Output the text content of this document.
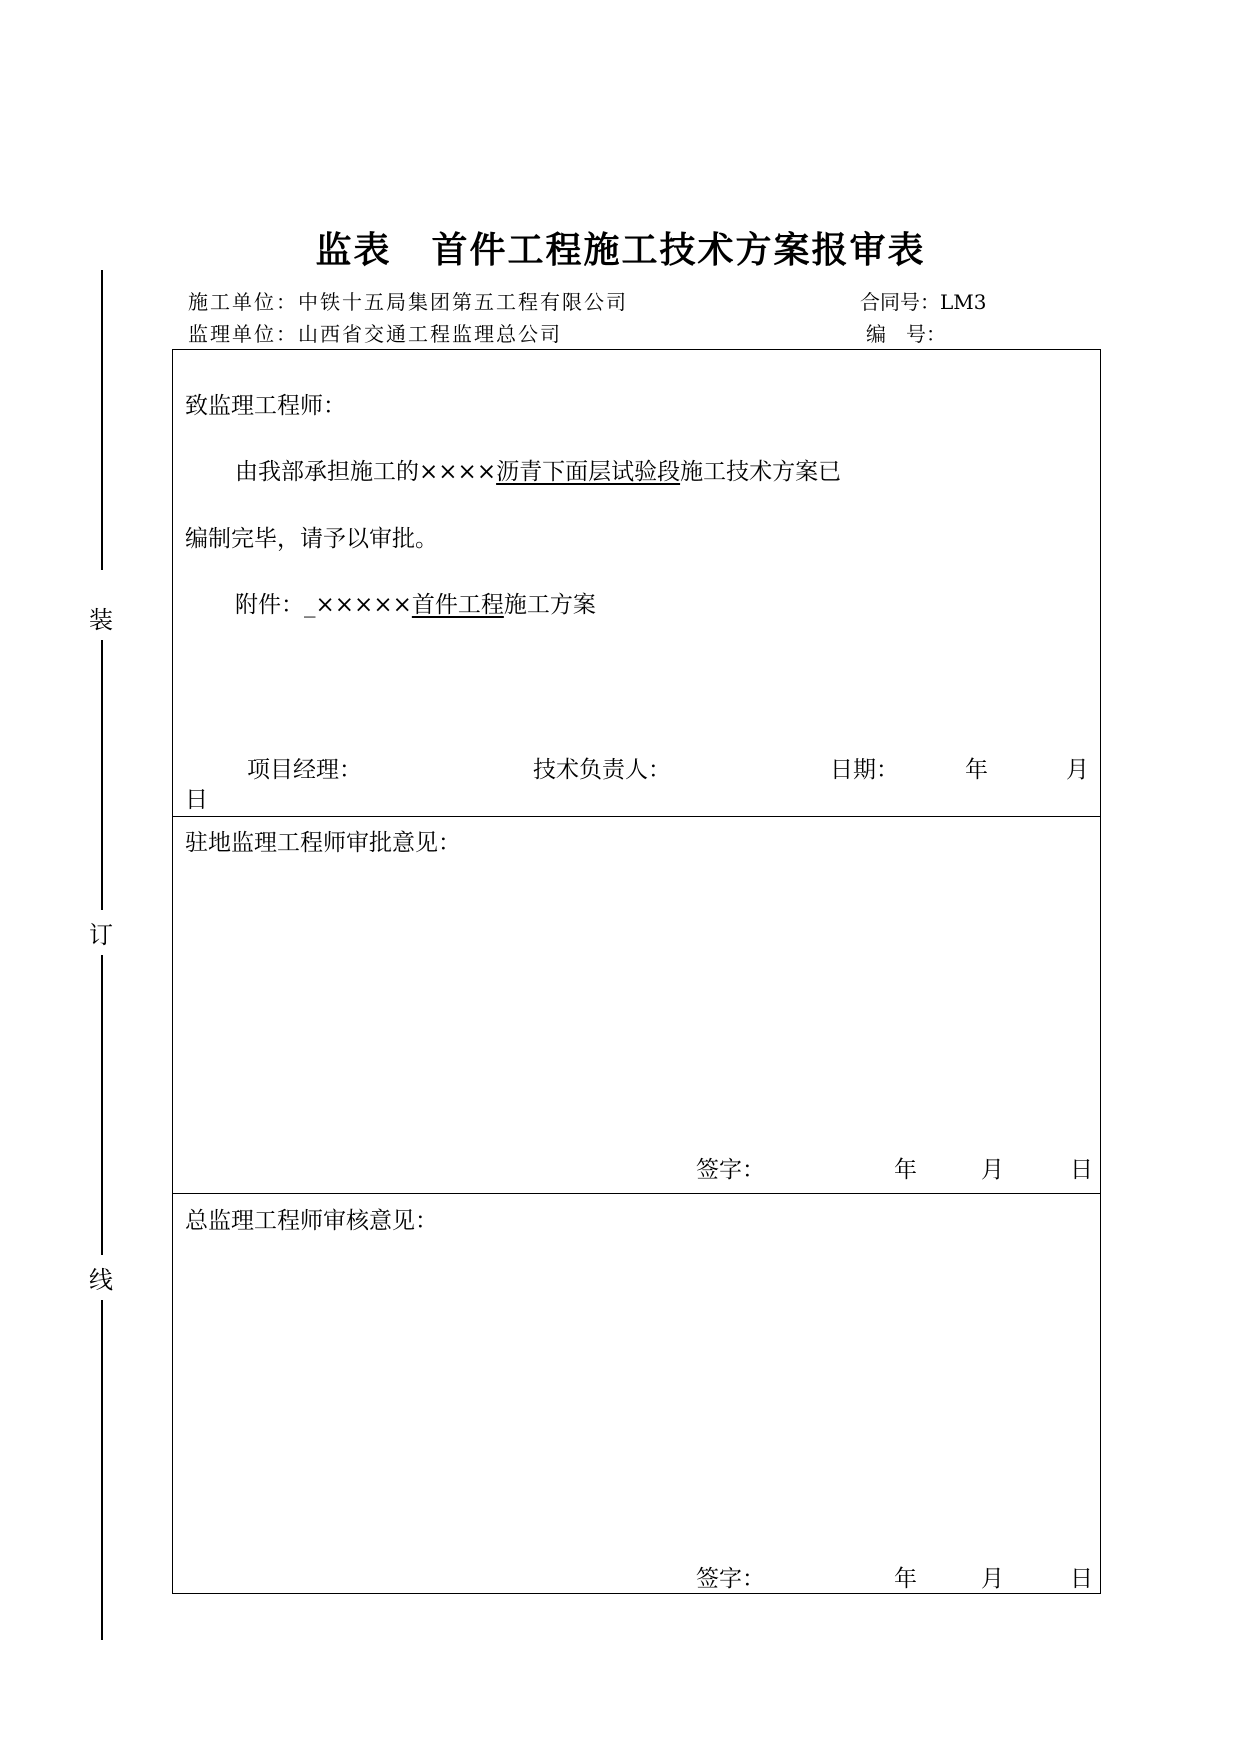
监表 首件工程施工技术方案报审表
施工单位：中铁十五局集团第五工程有限公司	合同号：LM3
监理单位：山西省交通工程监理总公司	编　号：
装
订
线
致监理工程师：
由我部承担施工的××××沥青下面层试验段施工技术方案已
编制完毕，请予以审批。
附件：_×××××首件工程施工方案
项目经理：	技术负责人：	日期：	年	月
日
驻地监理工程师审批意见：
签字：	年	月	日
总监理工程师审核意见：
签字：	年	月	日
